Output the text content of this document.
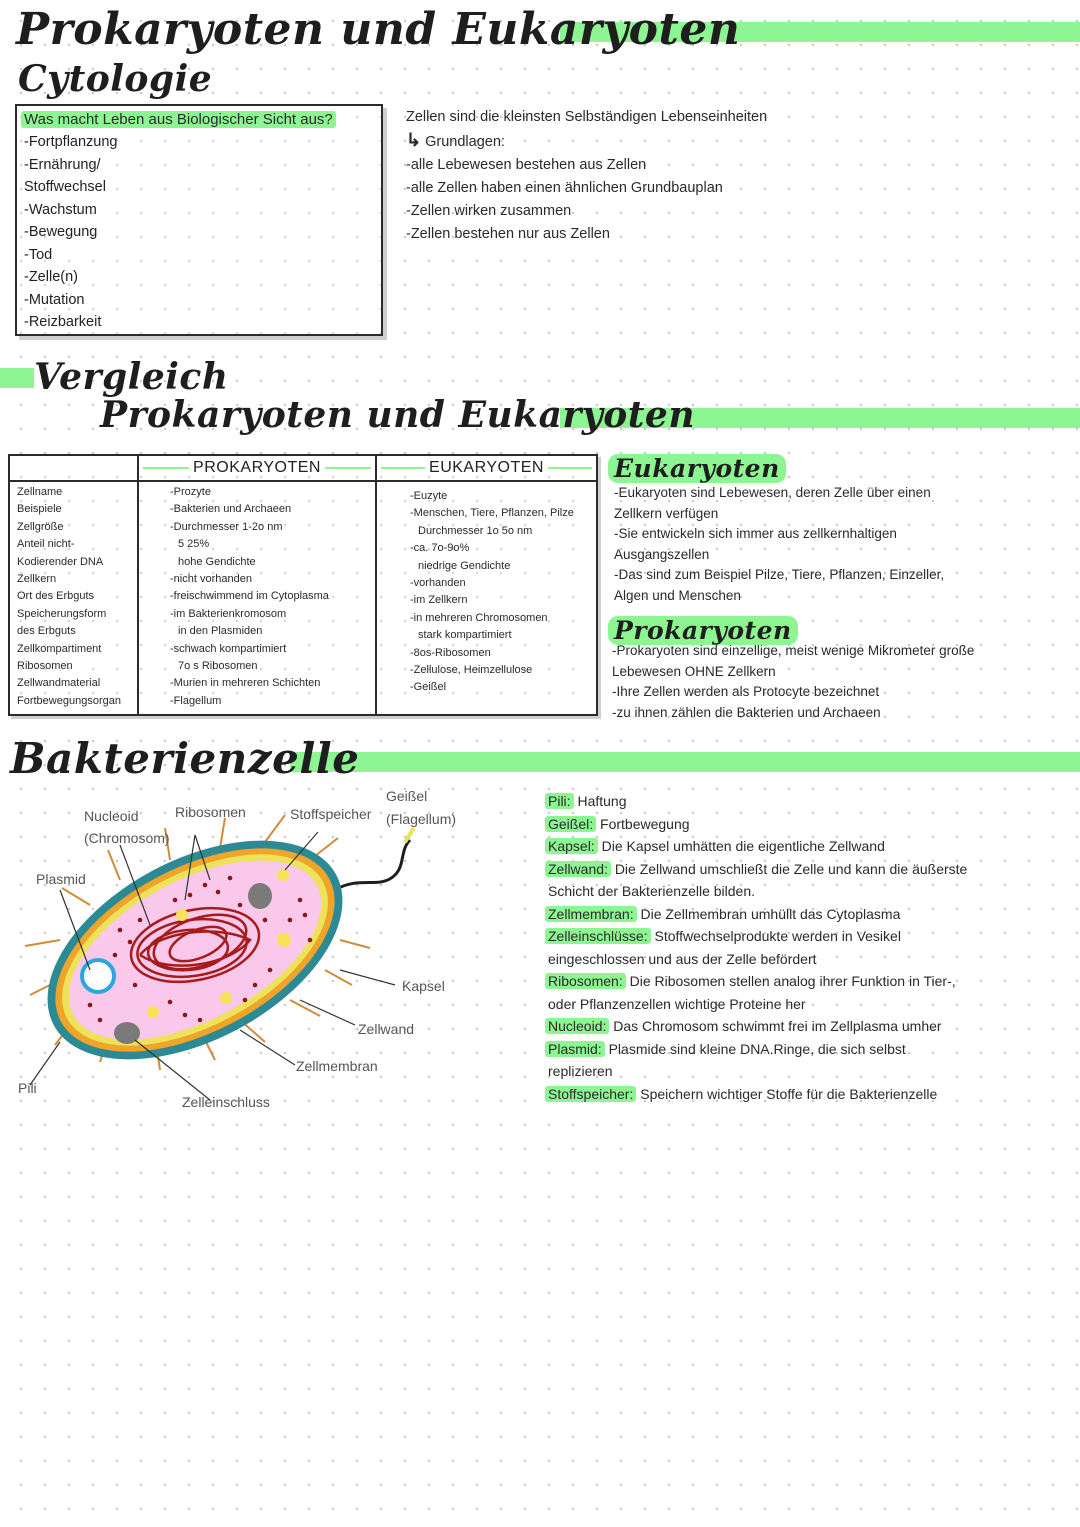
Prokaryoten und Eukaryoten
Cytologie
Was macht Leben aus Biologischer Sicht aus?
-Fortpflanzung
-Ernährung/
Stoffwechsel
-Wachstum
-Bewegung
-Tod
-Zelle(n)
-Mutation
-Reizbarkeit
Zellen sind die kleinsten Selbständigen Lebenseinheiten
↳ Grundlagen:
-alle Lebewesen bestehen aus Zellen
-alle Zellen haben einen ähnlichen Grundbauplan
-Zellen wirken zusammen
-Zellen bestehen nur aus Zellen
Vergleich
Prokaryoten und Eukaryoten
PROKARYOTEN	EUKARYOTEN
Zellname
Beispiele
Zellgröße
Anteil nicht-
Kodierender DNA
Zellkern
Ort des Erbguts
Speicherungsform
des Erbguts
Zellkompartiment
Ribosomen
Zellwandmaterial
Fortbewegungsorgan
-Prozyte
-Bakterien und Archaeen
-Durchmesser 1-2o nm
5 25%
hohe Gendichte
-nicht vorhanden
-freischwimmend im Cytoplasma
-im Bakterienkromosom
in den Plasmiden
-schwach kompartimiert
7o s Ribosomen
-Murien in mehreren Schichten
-Flagellum
-Euzyte
-Menschen, Tiere, Pflanzen, Pilze
Durchmesser 1o 5o nm
-ca. 7o-9o%
niedrige Gendichte
-vorhanden
-im Zellkern
-in mehreren Chromosomen
stark kompartimiert
-8os-Ribosomen
-Zellulose, Heimzellulose
-Geißel
Eukaryoten
-Eukaryoten sind Lebewesen, deren Zelle über einen
Zellkern verfügen
-Sie entwickeln sich immer aus zellkernhaltigen
Ausgangszellen
-Das sind zum Beispiel Pilze, Tiere, Pflanzen, Einzeller,
Algen und Menschen
Prokaryoten
-Prokaryoten sind einzellige, meist wenige Mikrometer große
Lebewesen OHNE Zellkern
-Ihre Zellen werden als Protocyte bezeichnet
-zu ihnen zählen die Bakterien und Archaeen
Bakterienzelle
Nucleoid
(Chromosom)
Ribosomen	Stoffspeicher
Geißel
(Flagellum)
Plasmid
Kapsel
Zellwand
Zellmembran
Pili
Zelleinschluss
Pili: Haftung
Geißel: Fortbewegung
Kapsel: Die Kapsel umhätten die eigentliche Zellwand
Zellwand: Die Zellwand umschließt die Zelle und kann die äußerste
Schicht der Bakterienzelle bilden.
Zellmembran: Die Zellmembran umhüllt das Cytoplasma
Zelleinschlüsse: Stoffwechselprodukte werden in Vesikel
eingeschlossen und aus der Zelle befördert
Ribosomen: Die Ribosomen stellen analog ihrer Funktion in Tier-,
oder Pflanzenzellen wichtige Proteine her
Nucleoid: Das Chromosom schwimmt frei im Zellplasma umher
Plasmid: Plasmide sind kleine DNA.Ringe, die sich selbst
replizieren
Stoffspeicher: Speichern wichtiger Stoffe für die Bakterienzelle
